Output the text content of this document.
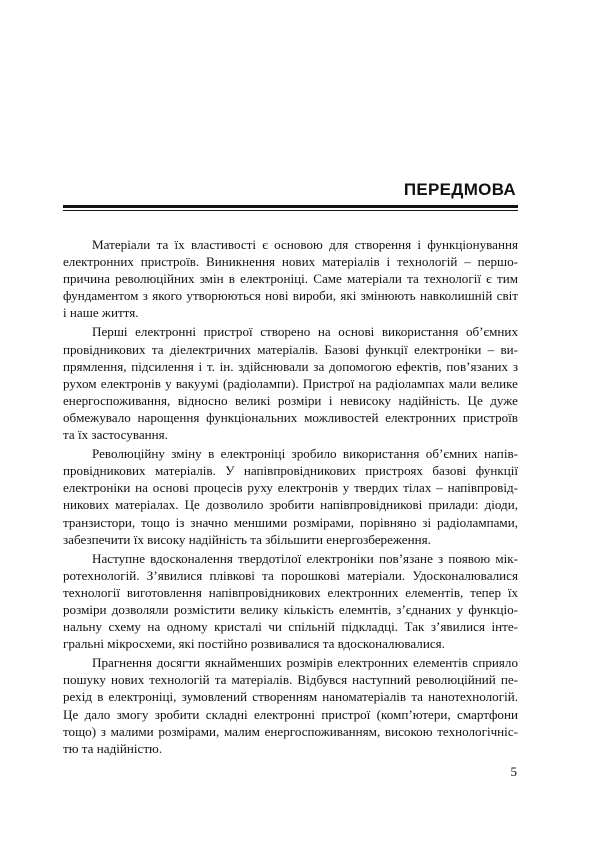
ПЕРЕДМОВА

Матеріали та їх властивості є основою для створення і функціонування
електронних пристроїв. Виникнення нових матеріалів і технологій – першо-
причина революційних змін в електроніці. Саме матеріали та технології є тим
фундаментом з якого утворюються нові вироби, які змінюють навколишній світ
і наше життя.

Перші електронні пристрої створено на основі використання об’ємних
провідникових та діелектричних матеріалів. Базові функції електроніки – ви-
прямлення, підсилення і т. ін. здійснювали за допомогою ефектів, пов’язаних з
рухом електронів у вакуумі (радіолампи). Пристрої на радіолампах мали велике
енергоспоживання, відносно великі розміри і невисоку надійність. Це дуже
обмежувало нарощення функціональних можливостей електронних пристроїв
та їх застосування.

Революційну зміну в електроніці зробило використання об’ємних напів-
провідникових матеріалів. У напівпровідникових пристроях базові функції
електроніки на основі процесів руху електронів у твердих тілах – напівпровід-
никових матеріалах. Це дозволило зробити напівпровідникові прилади: діоди,
транзистори, тощо із значно меншими розмірами, порівняно зі радіолампами,
забезпечити їх високу надійність та збільшити енергозбереження.

Наступне вдосконалення твердотілої електроніки пов’язане з появою мік-
ротехнологій. З’явилися плівкові та порошкові матеріали. Удосконалювалися
технології виготовлення напівпровідникових електронних елементів, тепер їх
розміри дозволяли розмістити велику кількість елемнтів, з’єднаних у функціо-
нальну схему на одному кристалі чи спільній підкладці. Так з’явилися інте-
гральні мікросхеми, які постійно розвивалися та вдосконалювалися.

Прагнення досягти якнайменших розмірів електронних елементів сприяло
пошуку нових технологій та матеріалів. Відбувся наступний революційний пе-
рехід в електроніці, зумовлений створенням наноматеріалів та нанотехнологій.
Це дало змогу зробити складні електронні пристрої (комп’ютери, смартфони
тощо) з малими розмірами, малим енергоспоживанням, високою технологічніс-
тю та надійністю.

5
